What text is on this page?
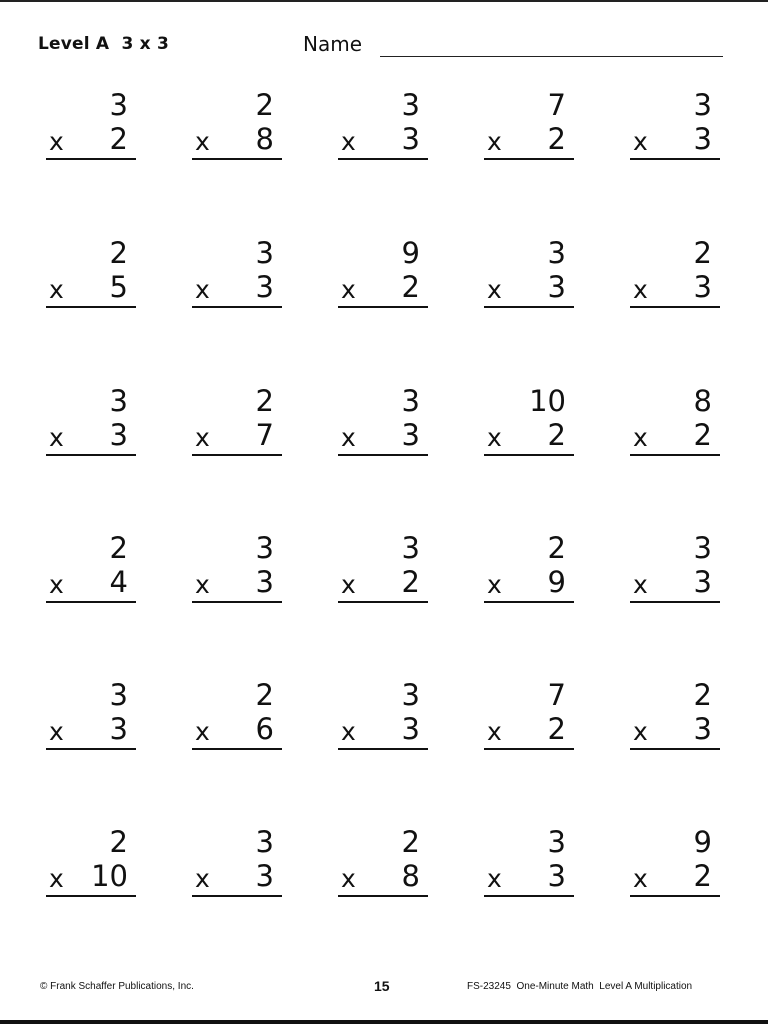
Level A  3 x 3	Name
3
x 2
2
x 8
3
x 3
7
x 2
3
x 3
2
x 5
3
x 3
9
x 2
3
x 3
2
x 3
3
x 3
2
x 7
3
x 3
10
x 2
8
x 2
2
x 4
3
x 3
3
x 2
2
x 9
3
x 3
3
x 3
2
x 6
3
x 3
7
x 2
2
x 3
2
x 10
3
x 3
2
x 8
3
x 3
9
x 2
© Frank Schaffer Publications, Inc.	15	FS-23245  One-Minute Math  Level A Multiplication
